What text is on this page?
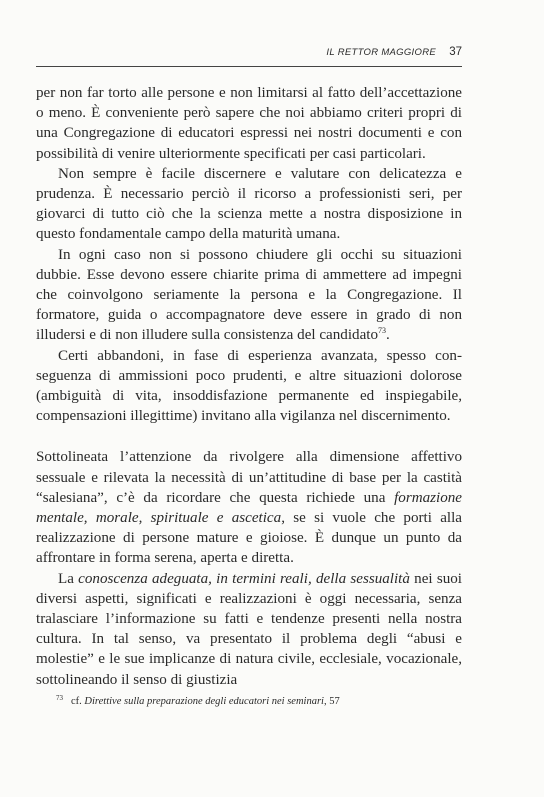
IL RETTOR MAGGIORE 37

per non far torto alle persone e non limitarsi al fatto dell’accettazione o meno. È conveniente però sapere che noi abbiamo criteri propri di una Congregazione di educatori espressi nei nostri documenti e con possibilità di venire ulteriormente specificati per casi particolari.

Non sempre è facile discernere e valutare con delicatezza e prudenza. È necessario perciò il ricorso a professionisti seri, per giovarci di tutto ciò che la scienza mette a nostra disposizione in questo fondamentale campo della maturità umana.

In ogni caso non si possono chiudere gli occhi su situazioni dubbie. Esse devono essere chiarite prima di ammettere ad impegni che coinvolgono seriamente la persona e la Congregazione. Il formatore, guida o accompagnatore deve essere in grado di non illudersi e di non illudere sulla consistenza del candidato$^{73}$.

Certi abbandoni, in fase di esperienza avanzata, spesso conseguenza di ammissioni poco prudenti, e altre situazioni dolorose (ambiguità di vita, insoddisfazione permanente ed inspiegabile, compensazioni illegittime) invitano alla vigilanza nel discernimento.

Sottolineata l’attenzione da rivolgere alla dimensione affettivo sessuale e rilevata la necessità di un’attitudine di base per la castità “salesiana”, c’è da ricordare che questa richiede una formazione mentale, morale, spirituale e ascetica, se si vuole che porti alla realizzazione di persone mature e gioiose. È dunque un punto da affrontare in forma serena, aperta e diretta.

La conoscenza adeguata, in termini reali, della sessualità nei suoi diversi aspetti, significati e realizzazioni è oggi necessaria, senza tralasciare l’informazione su fatti e tendenze presenti nella nostra cultura. In tal senso, va presentato il problema degli “abusi e molestie” e le sue implicanze di natura civile, ecclesiale, vocazionale, sottolineando il senso di giustizia

$^{73}$ cf. Direttive sulla preparazione degli educatori nei seminari, 57
